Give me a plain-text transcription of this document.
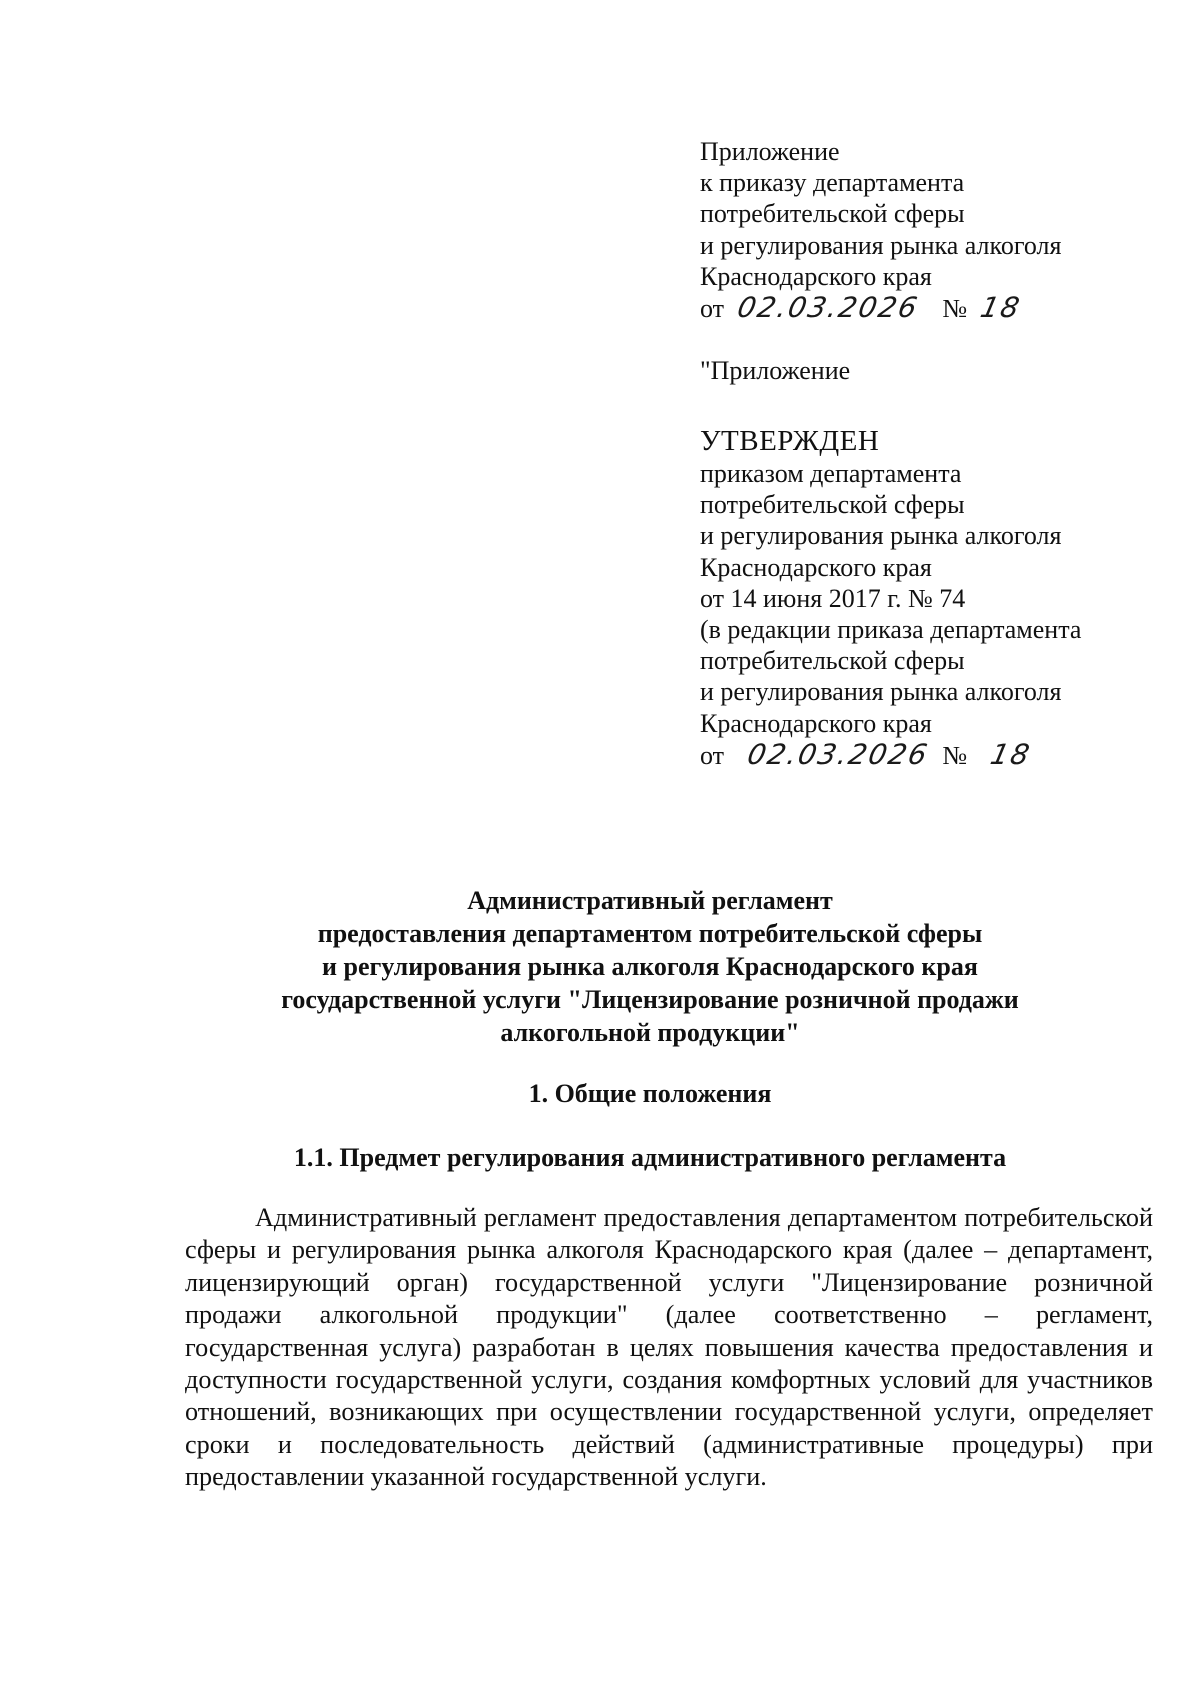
Приложение
к приказу департамента
потребительской сферы
и регулирования рынка алкоголя
Краснодарского края
от 02.03.2026 № 18
"Приложение
УТВЕРЖДЕН
приказом департамента
потребительской сферы
и регулирования рынка алкоголя
Краснодарского края
от 14 июня 2017 г. № 74
(в редакции приказа департамента
потребительской сферы
и регулирования рынка алкоголя
Краснодарского края
от 02.03.2026 № 18
Административный регламент
предоставления департаментом потребительской сферы
и регулирования рынка алкоголя Краснодарского края
государственной услуги "Лицензирование розничной продажи
алкогольной продукции"
1. Общие положения
1.1. Предмет регулирования административного регламента
Административный регламент предоставления департаментом потребительской сферы и регулирования рынка алкоголя Краснодарского края (далее – департамент, лицензирующий орган) государственной услуги "Лицензирование розничной продажи алкогольной продукции" (далее соответственно – регламент, государственная услуга) разработан в целях повышения качества предоставления и доступности государственной услуги, создания комфортных условий для участников отношений, возникающих при осуществлении государственной услуги, определяет сроки и последовательность действий (административные процедуры) при предоставлении указанной государственной услуги.
